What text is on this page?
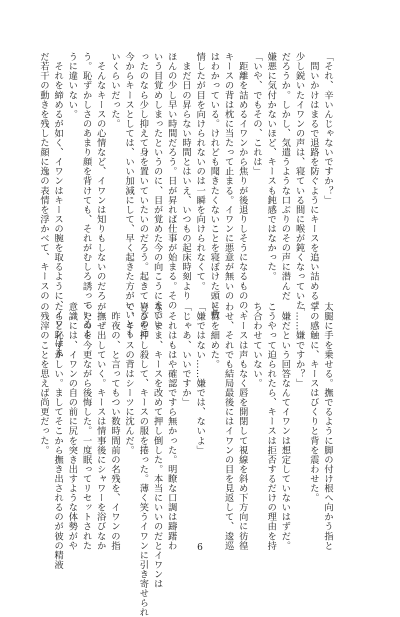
「それ、辛いんじゃないですか？」
　問いかけはまるで退路を防ぐようにキースを追い詰める。
少し鋭いたイワンの声は、寝ている間に喉が鈍くなっていた
だろうか。しかし、気遣うような口ぶりのその声に潜んだ
嫌悪に気付かないほど、キースも鈍感ではなかった。
「いや、でもその、これは」
　距離を詰めるイワンから焦りが後退りしそうになるものの、
キースの背は枕に当たって止まる。イワンに悪意が無いの
はわかっている。けれども聞きたくないことを寝ぼけた頭に敷
情したが目を向けられないのは一瞬を向けられなくて。
　まだ日の昇らない時間とはいえ、いつもの起床時刻より
ほんの少し早い時間だろう。日が昇れば仕事が始まる。その
いう目覚めしまったというのに、目が覚めた今の向こうにまでい
ったのなら少し抑えて身を置いていたいのだろう。起きているのに
今からキースとしては、いい加減にして、早く起きた方がいいとも
いくらいだった。
　そんなキースの心情など、イワンは知りもしないのだろ
う。恥ずかしさのあまり顔を背けても、それがむしろ誘っているよ
うに違いない。
　それを締めるが如く、イワンはキースの腕を取るように、イワンはま
だ若干の動きを残した顔に逸の表情を浮かべて、キースの
太腿に手を乗せる。撫でるように脚の付け根へ向かう指と
掌の感触に、キースはびくりと背を震わせた。
「……嫌ですか？」
　嫌だという回答なんてイワンは想定していないはずだ。
こうやって迫られたら、キースは拒否するだけの理由を持
ち合わせていない。
　キースは声もなく唇を開閉して視線を斜め下方向に彷徨
わせ、それでも結局最後にはイワンの目を見返して、逡巡
と目を細めた。
「嫌ではない……嫌では、ないよ」
「じゃあ、いいですか」
　それはもはや確認ですら無かった。明瞭な口調は躊躇わ
ないまま、キースを改めて押し倒した。本当にいいのだとイワンは
喜びを押し殺して、キースの服を捲った。薄く笑うイワンに引き寄せられ
て、キースの背はシーツに沈んだ。
　昨夜の、と言ってもつい数時間前の名残を、イワンの指
が撫ぜ出していく。キースは情事後にシャワーを浴びなか
ったのを今更ながら後悔した。一度眠ってリセットされた
意識には、イワンの自の前に尻を突き出すような体勢がや
たらと恥ずかしい。ましてそこから撫き出されるのが彼の精液
の残滓のことを思えば尚更だった。
6
